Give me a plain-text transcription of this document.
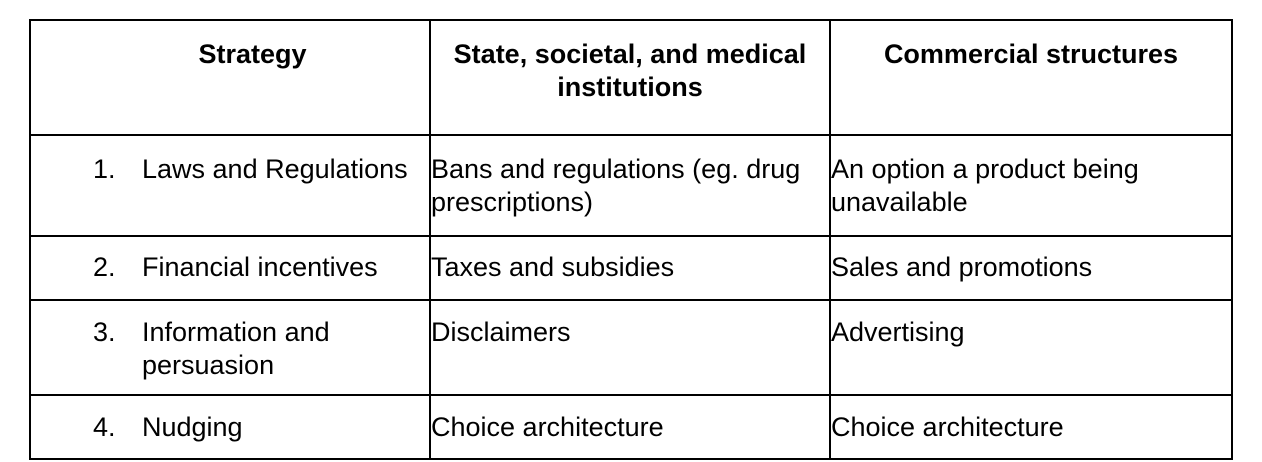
Strategy	State, societal, and medical institutions	Commercial structures

1. Laws and Regulations	Bans and regulations (eg. drug prescriptions)	An option a product being unavailable

2. Financial incentives	Taxes and subsidies	Sales and promotions

3. Information and persuasion	Disclaimers	Advertising

4. Nudging	Choice architecture	Choice architecture
